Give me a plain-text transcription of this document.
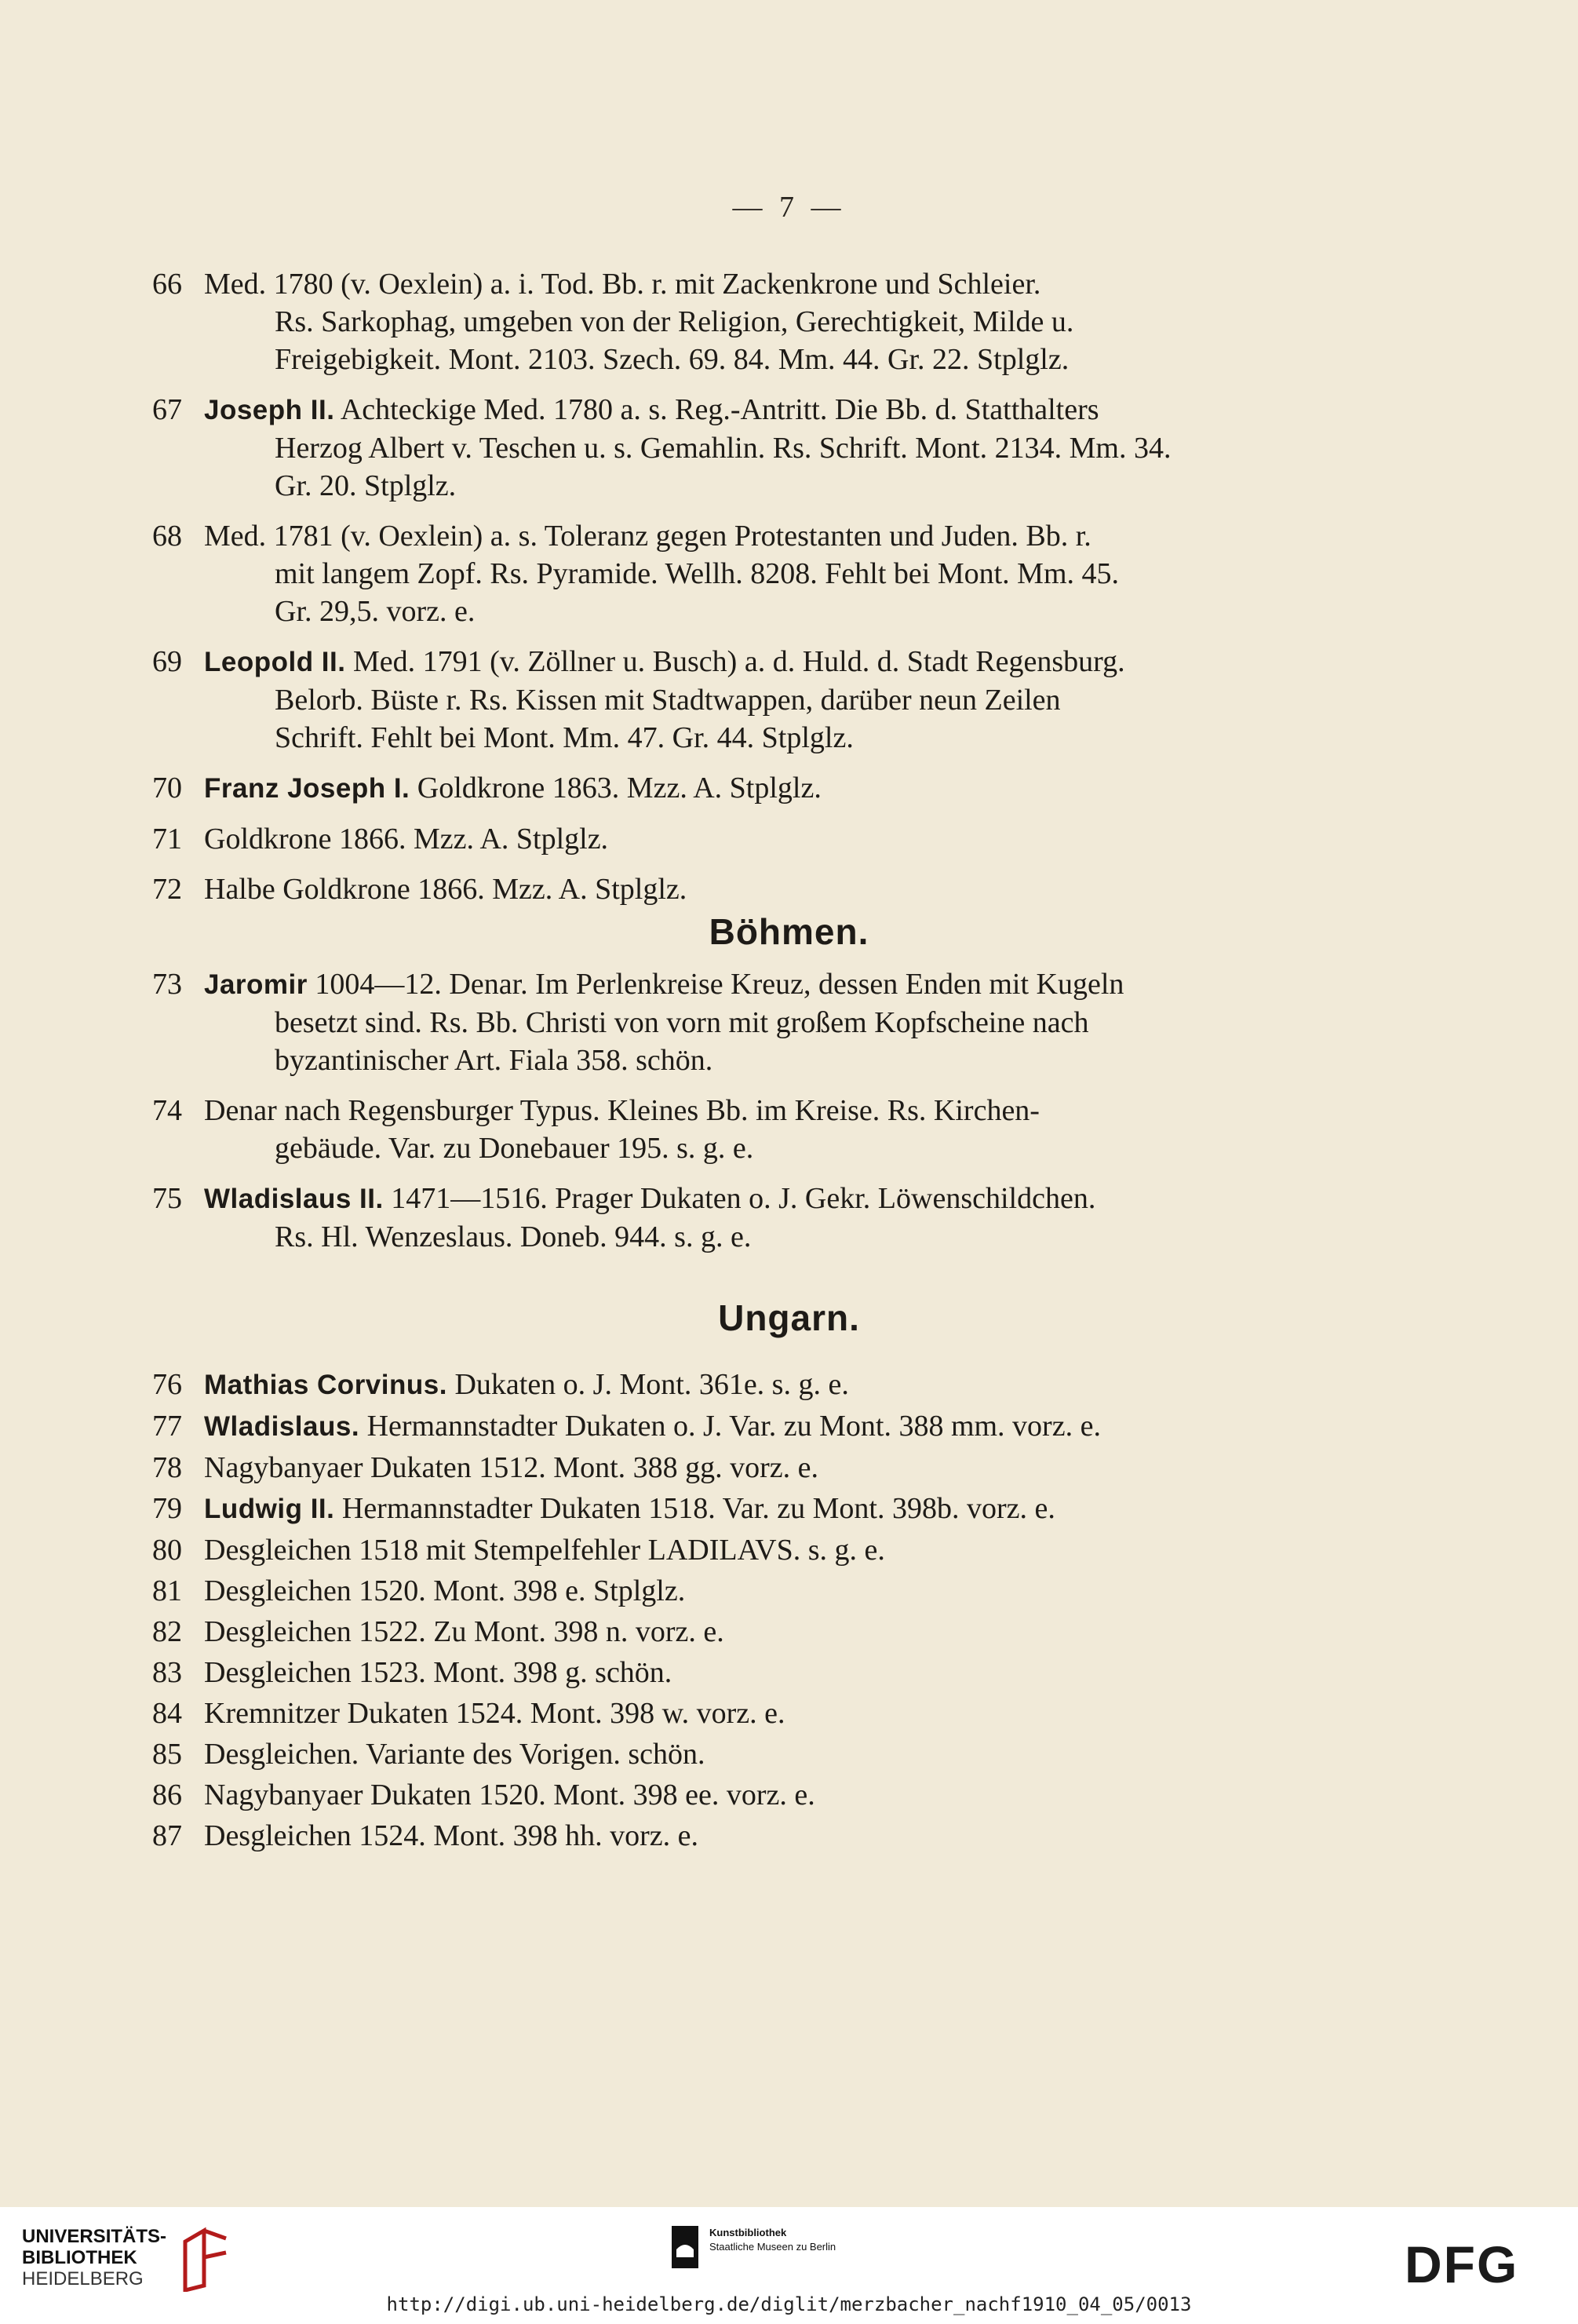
— 7 —
66 Med. 1780 (v. Oexlein) a. i. Tod. Bb. r. mit Zackenkrone und Schleier.
Rs. Sarkophag, umgeben von der Religion, Gerechtigkeit, Milde u.
Freigebigkeit. Mont. 2103. Szech. 69. 84. Mm. 44. Gr. 22. Stplglz.
67 Joseph II. Achteckige Med. 1780 a. s. Reg.-Antritt. Die Bb. d. Statthalters
Herzog Albert v. Teschen u. s. Gemahlin. Rs. Schrift. Mont. 2134. Mm. 34.
Gr. 20. Stplglz.
68 Med. 1781 (v. Oexlein) a. s. Toleranz gegen Protestanten und Juden. Bb. r.
mit langem Zopf. Rs. Pyramide. Wellh. 8208. Fehlt bei Mont. Mm. 45.
Gr. 29,5. vorz. e.
69 Leopold II. Med. 1791 (v. Zöllner u. Busch) a. d. Huld. d. Stadt Regensburg.
Belorb. Büste r. Rs. Kissen mit Stadtwappen, darüber neun Zeilen
Schrift. Fehlt bei Mont. Mm. 47. Gr. 44. Stplglz.
70 Franz Joseph I. Goldkrone 1863. Mzz. A. Stplglz.
71 Goldkrone 1866. Mzz. A. Stplglz.
72 Halbe Goldkrone 1866. Mzz. A. Stplglz.
Böhmen.
73 Jaromir 1004—12. Denar. Im Perlenkreise Kreuz, dessen Enden mit Kugeln
besetzt sind. Rs. Bb. Christi von vorn mit großem Kopfscheine nach
byzantinischer Art. Fiala 358. schön.
74 Denar nach Regensburger Typus. Kleines Bb. im Kreise. Rs. Kirchen-
gebäude. Var. zu Donebauer 195. s. g. e.
75 Wladislaus II. 1471—1516. Prager Dukaten o. J. Gekr. Löwenschildchen.
Rs. Hl. Wenzeslaus. Doneb. 944. s. g. e.
Ungarn.
76 Mathias Corvinus. Dukaten o. J. Mont. 361e. s. g. e.
77 Wladislaus. Hermannstadter Dukaten o. J. Var. zu Mont. 388 mm. vorz. e.
78 Nagybanyaer Dukaten 1512. Mont. 388 gg. vorz. e.
79 Ludwig II. Hermannstadter Dukaten 1518. Var. zu Mont. 398b. vorz. e.
80 Desgleichen 1518 mit Stempelfehler LADILAVS. s. g. e.
81 Desgleichen 1520. Mont. 398 e. Stplglz.
82 Desgleichen 1522. Zu Mont. 398 n. vorz. e.
83 Desgleichen 1523. Mont. 398 g. schön.
84 Kremnitzer Dukaten 1524. Mont. 398 w. vorz. e.
85 Desgleichen. Variante des Vorigen. schön.
86 Nagybanyaer Dukaten 1520. Mont. 398 ee. vorz. e.
87 Desgleichen 1524. Mont. 398 hh. vorz. e.
UNIVERSITÄTS-
BIBLIOTHEK
HEIDELBERG
Kunstbibliothek
Staatliche Museen zu Berlin	DFG
http://digi.ub.uni-heidelberg.de/diglit/merzbacher_nachf1910_04_05/0013
